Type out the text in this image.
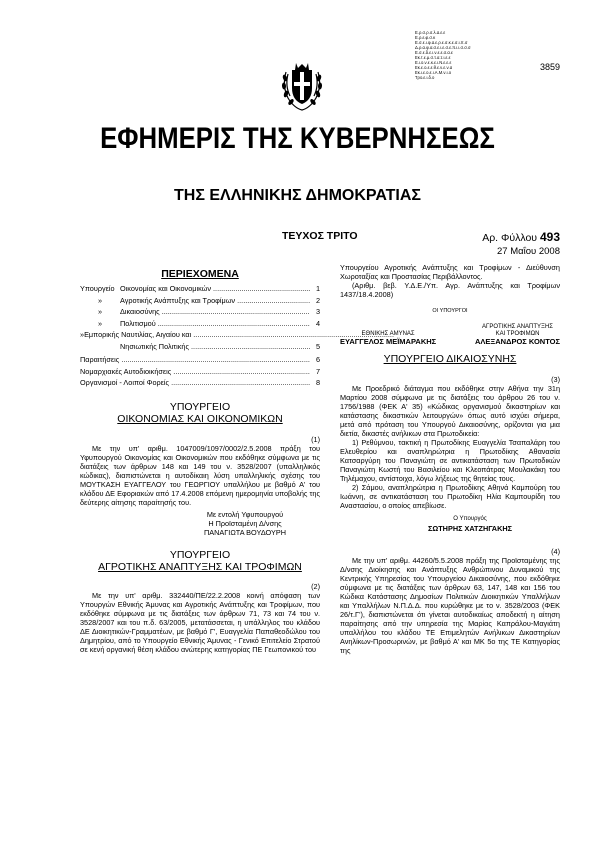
Ε.ρ.σ.ρ.σ.λ.α.ε.ε
Ε.ρ.ε.φ.σ.κ
Ε.σ.ε.ι.φ.α.ε.ρ.ε.σ.κ.ε.σ.ι.π.σ
Δ.ρ.α.φ.α.σ.ε.ι.ε.σ.ε.π.ι.ι.σ.σ.σ
Ε.σ.ε.δ.ε.ι.ν.ε.ε.σ.α.ε
Εκ.τ.ε.μ.σ.τ.α.τ.ι.ε.ε
Ε.ι.ο.ν.ε.κ.ε.ι.Ν.ε.ε.ε
Εκ.ε.ο.ε.ε.θ.ε.ν.ε.ν.α
Εκ.ι.ε.ο.ε.ι.Α.Μ.ν.ι.ο
Τρο.ε.ι.δ.ο
3859
ΕΦΗΜΕΡΙΣ ΤΗΣ ΚΥΒΕΡΝΗΣΕΩΣ
ΤΗΣ ΕΛΛΗΝΙΚΗΣ ΔΗΜΟΚΡΑΤΙΑΣ
ΤΕΥΧΟΣ ΤΡΙΤΟ	Αρ. Φύλλου 493
27 Μαΐου 2008
ΠΕΡΙΕΧΟΜΕΝΑ
Υπουργείο Οικονομίας και Οικονομικών .....	1
»	Αγροτικής Ανάπτυξης και Τροφίμων .....	2
»	Δικαιοσύνης .....	3
»	Πολιτισμού .....	4
» Εμπορικής Ναυτιλίας, Αιγαίου και .....
Νησιωτικής Πολιτικής .....	5
Παραιτήσεις .....	6
Νομαρχιακές Αυτοδιοικήσεις .....	7
Οργανισμοί - Λοιποί Φορείς .....	8
ΥΠΟΥΡΓΕΙΟ
ΟΙΚΟΝΟΜΙΑΣ ΚΑΙ ΟΙΚΟΝΟΜΙΚΩΝ
(1)

Με την υπ' αριθμ. 1047009/1097/0002/2.5.2008 πράξη του Υφυπουργού Οικονομίας και Οικονομικών που εκδόθηκε σύμφωνα με τις διατάξεις των άρθρων 148 και 149 του ν. 3528/2007 (υπαλληλικός κώδικας), διαπιστώνεται η αυτοδίκαιη λύση υπαλληλικής σχέσης του ΜΟΥΤΚΑΣΗ ΕΥΑΓΓΕΛΟΥ του ΓΕΩΡΓΙΟΥ υπαλλήλου με βαθμό Α' του κλάδου ΔΕ Εφοριακών από 17.4.2008 επόμενη ημερομηνία υποβολής της δεύτερης αίτησης παραίτησής του.

Με εντολή Υφυπουργού

Η Προϊσταμένη Δ/νσης

ΠΑΝΑΓΙΩΤΑ ΒΟΥΔΟΥΡΗ

ΥΠΟΥΡΓΕΙΟ
ΑΓΡΟΤΙΚΗΣ ΑΝΑΠΤΥΞΗΣ ΚΑΙ ΤΡΟΦΙΜΩΝ
(2)

Με την υπ' αριθμ. 332440/ΠΕ/22.2.2008 κοινή απόφαση των Υπουργών Εθνικής Άμυνας και Αγροτικής Ανάπτυξης και Τροφίμων, που εκδόθηκε σύμφωνα με τις διατάξεις των άρθρων 71, 73 και 74 του ν. 3528/2007 και του π.δ. 63/2005, μετατάσσεται, η υπάλληλος του κλάδου ΔΕ Διοικητικών-Γραμματέων, με βαθμό Γ', Ευαγγελία Παπαθεοδώλου του Δημητρίου, από το Υπουργείο Εθνικής Άμυνας - Γενικό Επιτελείο Στρατού σε κενή οργανική θέση κλάδου ανώτερης κατηγορίας ΠΕ Γεωπονικού του

Υπουργείου Αγροτικής Ανάπτυξης και Τροφίμων - Διεύθυνση Χωροταξίας και Προστασίας Περιβάλλοντος.

(Αριθμ. βεβ. Υ.Δ.Ε./Υπ. Αγρ. Ανάπτυξης και Τροφίμων 1437/18.4.2008)

ΟΙ ΥΠΟΥΡΓΟΙ

ΕΘΝΙΚΗΣ ΑΜΥΝΑΣ
ΕΥΑΓΓΕΛΟΣ ΜΕΪΜΑΡΑΚΗΣ
ΑΓΡΟΤΙΚΗΣ ΑΝΑΠΤΥΞΗΣ
ΚΑΙ ΤΡΟΦΙΜΩΝ
ΑΛΕΞΑΝΔΡΟΣ ΚΟΝΤΟΣ
ΥΠΟΥΡΓΕΙΟ ΔΙΚΑΙΟΣΥΝΗΣ
(3)

Με Προεδρικό διάταγμα που εκδόθηκε στην Αθήνα την 31η Μαρτίου 2008 σύμφωνα με τις διατάξεις του άρθρου 26 του ν. 1756/1988 (ΦΕΚ Α' 35) «Κώδικας οργανισμού δικαστηρίων και κατάστασης δικαστικών λειτουργών» όπως αυτό ισχύει σήμερα, μετά από πρόταση του Υπουργού Δικαιοσύνης, ορίζονται για μια διετία, δικαστές ανήλικων στα Πρωτοδικεία:

1) Ρεθύμνου, τακτική η Πρωτοδίκης Ευαγγελία Τσαπαλάρη του Ελευθερίου και αναπληρώτρια η Πρωτοδίκης Αθανασία Κατσαργύρη του Παναγιώτη σε αντικατάσταση των Πρωτοδικών Παναγιώτη Κωστή του Βασιλείου και Κλεοπάτρας Μουλακάκη του Τηλέμαχου, αντίστοιχα, λόγω λήξεως της θητείας τους.

2) Σάμου, αναπληρώτρια η Πρωτοδίκης Αθηνά Καμπούρη του Ιωάννη, σε αντικατάσταση του Πρωτοδίκη Ηλία Καμπουρίδη του Αναστασίου, ο οποίος απεβίωσε.

Ο Υπουργός

ΣΩΤΗΡΗΣ ΧΑΤΖΗΓΑΚΗΣ

(4)

Με την υπ' αριθμ. 44260/5.5.2008 πράξη της Προϊσταμένης της Δ/νσης Διοίκησης και Ανάπτυξης Ανθρώπινου Δυναμικού της Κεντρικής Υπηρεσίας του Υπουργείου Δικαιοσύνης, που εκδόθηκε σύμφωνα με τις διατάξεις των άρθρων 63, 147, 148 και 156 του Κώδικα Κατάστασης Δημοσίων Πολιτικών Διοικητικών Υπαλλήλων και Υπαλλήλων Ν.Π.Δ.Δ. που κυρώθηκε με το ν. 3528/2003 (ΦΕΚ 26/τ.Γ'), διαπιστώνεται ότι γίνεται αυτοδικαίως αποδεκτή η αίτηση παραίτησης από την υπηρεσία της Μαρίας Καπράλου-Μαγιάτη υπαλλήλου του κλάδου ΤΕ Επιμελητών Ανήλικων Δικαστηρίων Ανηλίκων-Προσωρινών, με βαθμό Α' και ΜΚ 5ο της ΤΕ Κατηγορίας της
